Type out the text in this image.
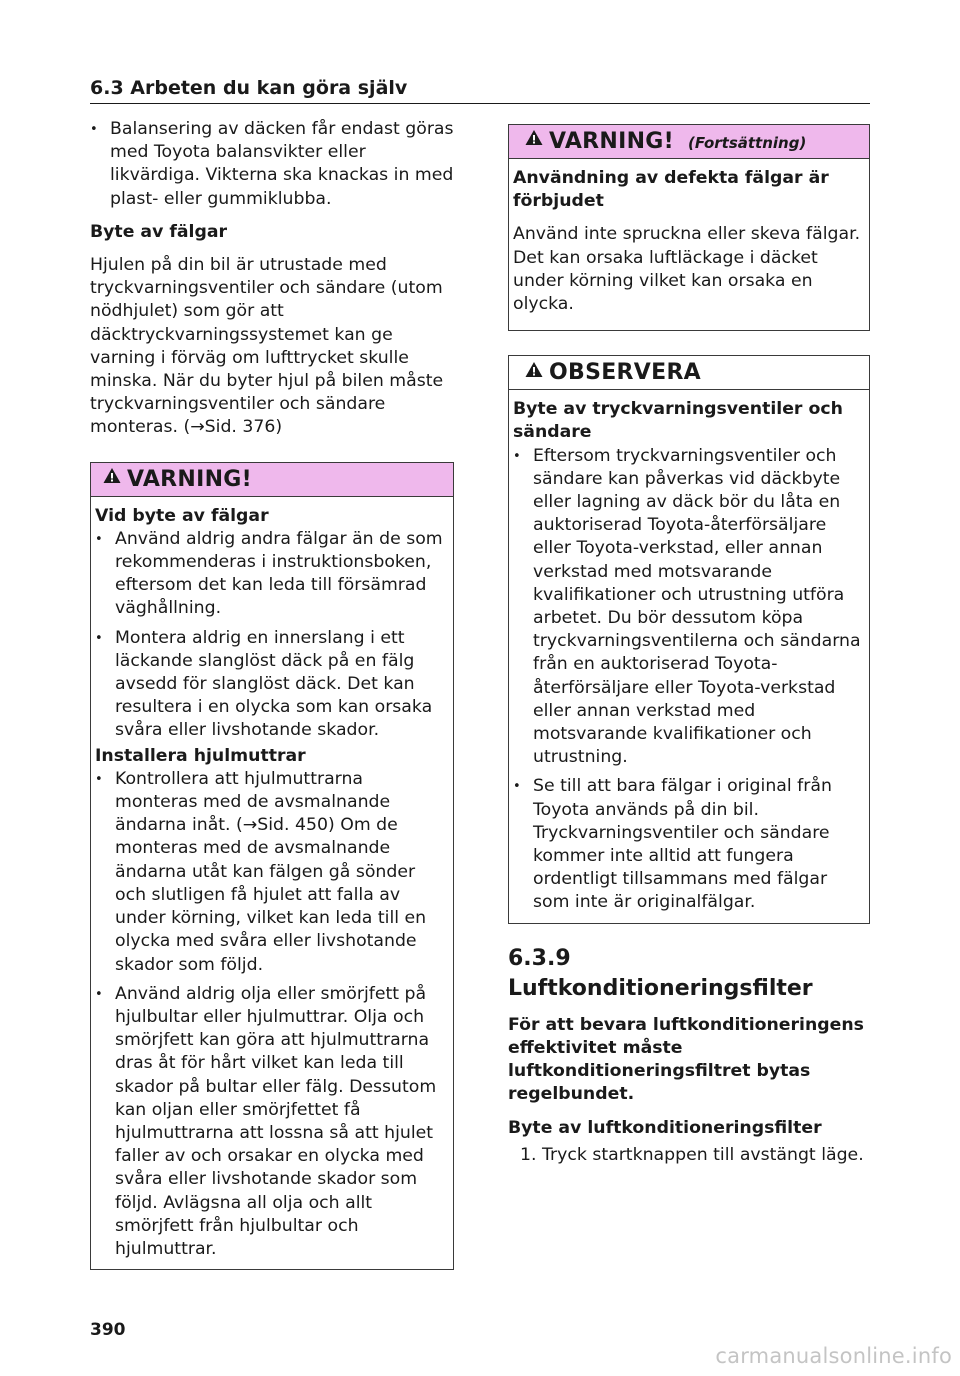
6.3 Arbeten du kan göra själv
• Balansering av däcken får endast göras med Toyota balansvikter eller likvärdiga. Vikterna ska knackas in med plast- eller gummiklubba.
Byte av fälgar
Hjulen på din bil är utrustade med tryckvarningsventiler och sändare (utom nödhjulet) som gör att däcktryckvarningssystemet kan ge varning i förväg om lufttrycket skulle minska. När du byter hjul på bilen måste tryckvarningsventiler och sändare monteras. (→Sid. 376)
VARNING!
Vid byte av fälgar
• Använd aldrig andra fälgar än de som rekommenderas i instruktionsboken, eftersom det kan leda till försämrad väghållning.
• Montera aldrig en innerslang i ett läckande slanglöst däck på en fälg avsedd för slanglöst däck. Det kan resultera i en olycka som kan orsaka svåra eller livshotande skador.
Installera hjulmuttrar
• Kontrollera att hjulmuttrarna monteras med de avsmalnande ändarna inåt. (→Sid. 450) Om de monteras med de avsmalnande ändarna utåt kan fälgen gå sönder och slutligen få hjulet att falla av under körning, vilket kan leda till en olycka med svåra eller livshotande skador som följd.
• Använd aldrig olja eller smörjfett på hjulbultar eller hjulmuttrar. Olja och smörjfett kan göra att hjulmuttrarna dras åt för hårt vilket kan leda till skador på bultar eller fälg. Dessutom kan oljan eller smörjfettet få hjulmuttrarna att lossna så att hjulet faller av och orsakar en olycka med svåra eller livshotande skador som följd. Avlägsna all olja och allt smörjfett från hjulbultar och hjulmuttrar.
VARNING! (Fortsättning)
Användning av defekta fälgar är förbjudet
Använd inte spruckna eller skeva fälgar. Det kan orsaka luftläckage i däcket under körning vilket kan orsaka en olycka.
OBSERVERA
Byte av tryckvarningsventiler och sändare
• Eftersom tryckvarningsventiler och sändare kan påverkas vid däckbyte eller lagning av däck bör du låta en auktoriserad Toyota-återförsäljare eller Toyota-verkstad, eller annan verkstad med motsvarande kvalifikationer och utrustning utföra arbetet. Du bör dessutom köpa tryckvarningsventilerna och sändarna från en auktoriserad Toyota-återförsäljare eller Toyota-verkstad eller annan verkstad med motsvarande kvalifikationer och utrustning.
• Se till att bara fälgar i original från Toyota används på din bil. Tryckvarningsventiler och sändare kommer inte alltid att fungera ordentligt tillsammans med fälgar som inte är originalfälgar.
6.3.9 Luftkonditioneringsfilter
För att bevara luftkonditioneringens effektivitet måste luftkonditioneringsfiltret bytas regelbundet.
Byte av luftkonditioneringsfilter
1. Tryck startknappen till avstängt läge.
390
carmanualsonline.info
